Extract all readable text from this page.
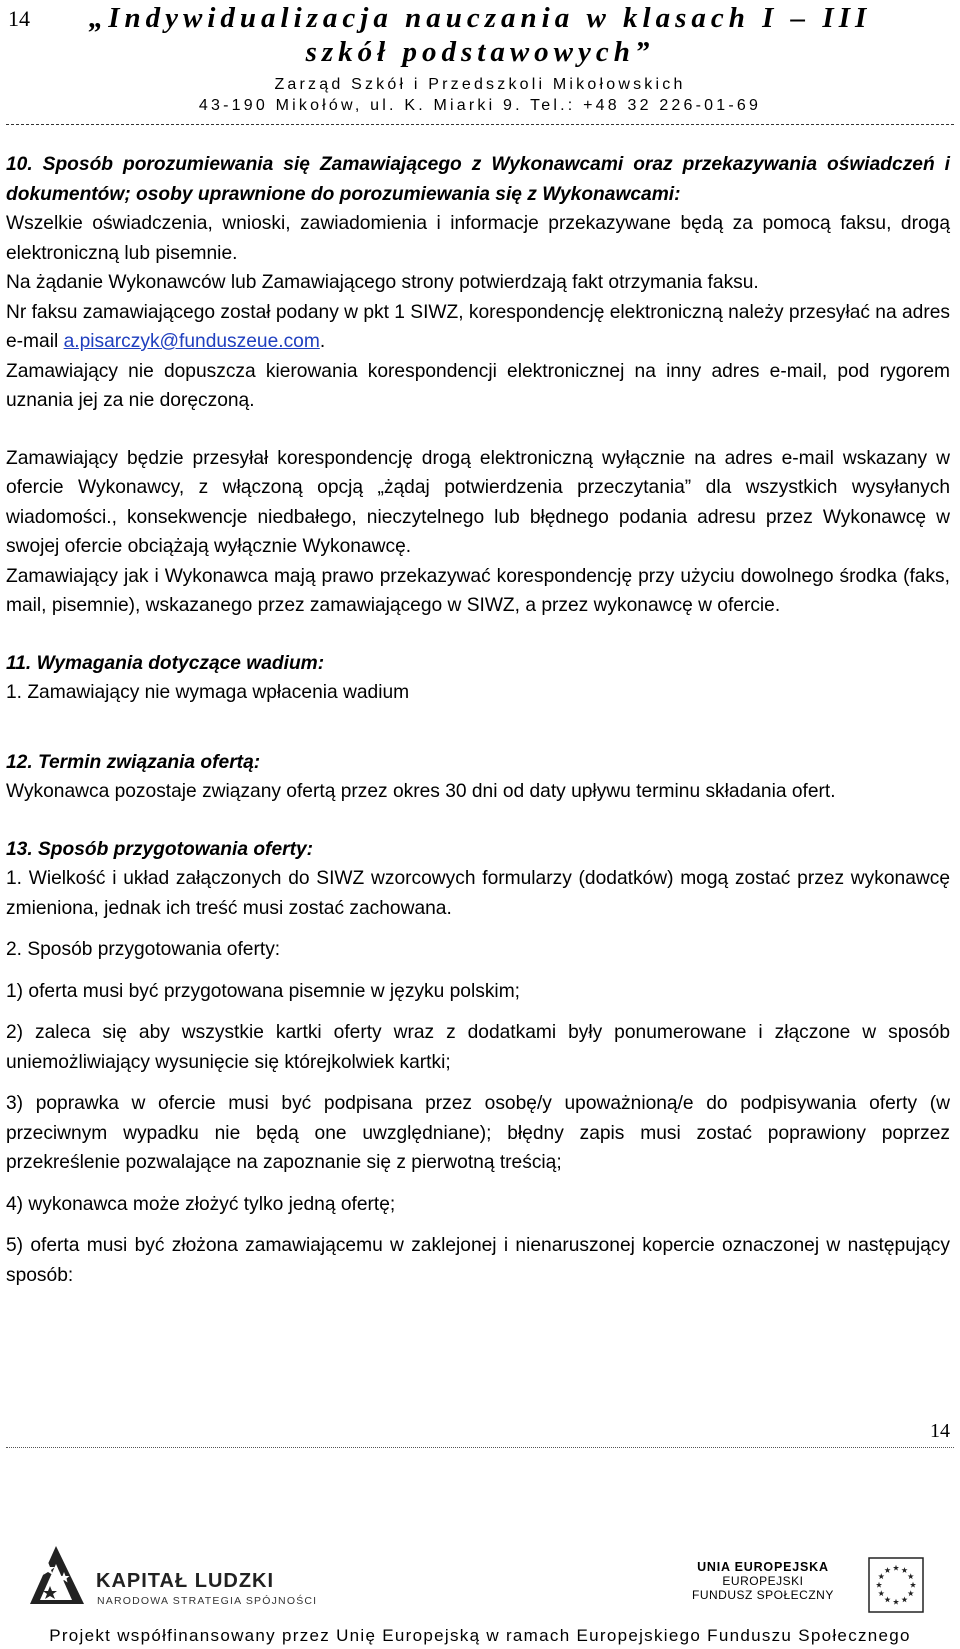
14	„Indywidualizacja nauczania w klasach I – III
szkół podstawowych”
Zarząd Szkół i Przedszkoli Mikołowskich
43-190 Mikołów, ul. K. Miarki 9. Tel.: +48 32 226-01-69

10. Sposób porozumiewania się Zamawiającego z Wykonawcami oraz przekazywania oświadczeń i dokumentów; osoby uprawnione do porozumiewania się z Wykonawcami:

Wszelkie oświadczenia, wnioski, zawiadomienia i informacje przekazywane będą za pomocą faksu, drogą elektroniczną lub pisemnie.

Na żądanie Wykonawców lub Zamawiającego strony potwierdzają fakt otrzymania faksu.

Nr faksu zamawiającego został podany w pkt 1 SIWZ, korespondencję elektroniczną należy przesyłać na adres e-mail a.pisarczyk@funduszeue.com.

Zamawiający nie dopuszcza kierowania korespondencji elektronicznej na inny adres e-mail, pod rygorem uznania jej za nie doręczoną.

Zamawiający będzie przesyłał korespondencję drogą elektroniczną wyłącznie na adres e-mail wskazany w ofercie Wykonawcy, z włączoną opcją „żądaj potwierdzenia przeczytania” dla wszystkich wysyłanych wiadomości., konsekwencje niedbałego, nieczytelnego lub błędnego podania adresu przez Wykonawcę w swojej ofercie obciążają wyłącznie Wykonawcę.

Zamawiający jak i Wykonawca mają prawo przekazywać korespondencję przy użyciu dowolnego środka (faks, mail, pisemnie), wskazanego przez zamawiającego w SIWZ, a przez wykonawcę w ofercie.

11. Wymagania dotyczące wadium:

1. Zamawiający nie wymaga wpłacenia wadium

12. Termin związania ofertą:

Wykonawca pozostaje związany ofertą przez okres 30 dni od daty upływu terminu składania ofert.

13. Sposób przygotowania oferty:

1. Wielkość i układ załączonych do SIWZ wzorcowych formularzy (dodatków) mogą zostać przez wykonawcę zmieniona, jednak ich treść musi zostać zachowana.

2. Sposób przygotowania oferty:

1) oferta musi być przygotowana pisemnie w języku polskim;

2) zaleca się aby wszystkie kartki oferty wraz z dodatkami były ponumerowane i złączone w sposób uniemożliwiający wysunięcie się którejkolwiek kartki;

3) poprawka w ofercie musi być podpisana przez osobę/y upoważnioną/e do podpisywania oferty (w przeciwnym wypadku nie będą one uwzględniane); błędny zapis musi zostać poprawiony poprzez przekreślenie pozwalające na zapoznanie się z pierwotną treścią;

4) wykonawca może złożyć tylko jedną ofertę;

5) oferta musi być złożona zamawiającemu w zaklejonej i nienaruszonej kopercie oznaczonej w następujący sposób:

14
KAPITAŁ LUDZKI
NARODOWA STRATEGIA SPÓJNOŚCI
UNIA EUROPEJSKA
EUROPEJSKI
FUNDUSZ SPOŁECZNY
Projekt współfinansowany przez Unię Europejską w ramach Europejskiego Funduszu Społecznego
